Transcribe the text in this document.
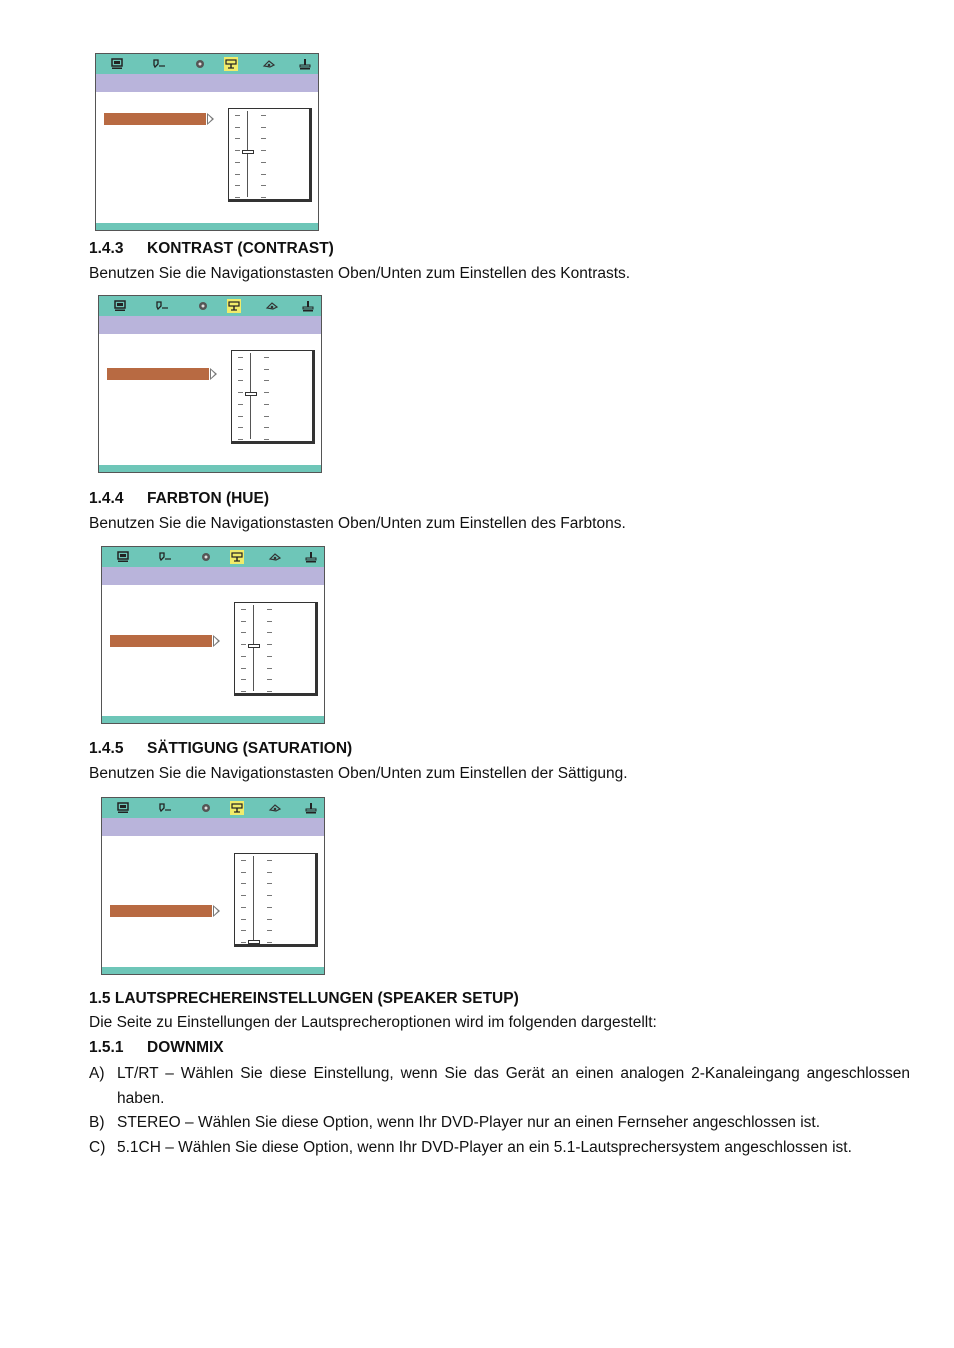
1.4.3 KONTRAST (CONTRAST)
Benutzen Sie die Navigationstasten Oben/Unten zum Einstellen des Kontrasts.
1.4.4 FARBTON (HUE)
Benutzen Sie die Navigationstasten Oben/Unten zum Einstellen des Farbtons.
1.4.5 SÄTTIGUNG (SATURATION)
Benutzen Sie die Navigationstasten Oben/Unten zum Einstellen der Sättigung.
1.5 LAUTSPRECHEREINSTELLUNGEN (SPEAKER SETUP)
Die Seite zu Einstellungen der Lautsprecheroptionen wird im folgenden dargestellt:
1.5.1 DOWNMIX
A) LT/RT – Wählen Sie diese Einstellung, wenn Sie das Gerät an einen analogen 2-Kanaleingang angeschlossen haben.
B) STEREO – Wählen Sie diese Option, wenn Ihr DVD-Player nur an einen Fernseher angeschlossen ist.
C) 5.1CH – Wählen Sie diese Option, wenn Ihr DVD-Player an ein 5.1-Lautsprechersystem angeschlossen ist.
